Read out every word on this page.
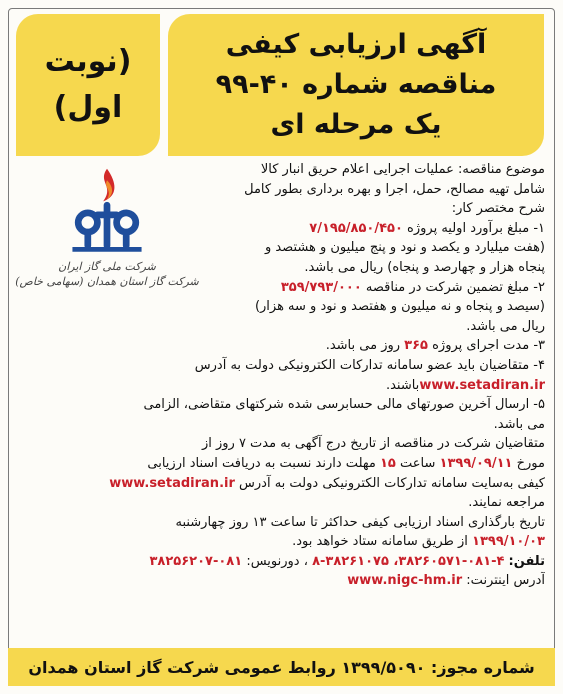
آگهی ارزیابی کیفی
مناقصه شماره ۴۰-۹۹
یک مرحله ای
(نوبت
اول)
شرکت ملی گاز ایران
شرکت گاز استان همدان (سهامی خاص)
موضوع مناقصه: عملیات اجرایی اعلام حریق انبار کالا
شامل تهیه مصالح، حمل، اجرا و بهره برداری بطور کامل
شرح مختصر کار:
۱- مبلغ برآورد اولیه پروژه ۷/۱۹۵/۸۵۰/۴۵۰
(هفت میلیارد و یکصد و نود و پنج میلیون و هشتصد و
پنجاه هزار و چهارصد و پنجاه) ریال می باشد.
۲- مبلغ تضمین شرکت در مناقصه ۳۵۹/۷۹۳/۰۰۰
(سیصد و پنجاه و نه میلیون و هفتصد و نود و سه هزار)
ریال می باشد.
۳- مدت اجرای پروژه ۳۶۵ روز می باشد.
۴- متقاضیان باید عضو سامانه تدارکات الکترونیکی دولت به آدرس
www.setadiran.irباشند.
۵- ارسال آخرین صورتهای مالی حسابرسی شده شرکتهای متقاضی، الزامی
می باشد.
متقاضیان شرکت در مناقصه از تاریخ درج آگهی به مدت ۷ روز از
مورخ ۱۳۹۹/۰۹/۱۱ ساعت ۱۵ مهلت دارند نسبت به دریافت اسناد ارزیابی
کیفی به‌سایت سامانه تدارکات الکترونیکی دولت به آدرس www.setadiran.ir
مراجعه نمایند.
تاریخ بارگذاری اسناد ارزیابی کیفی حداکثر تا ساعت ۱۳ روز چهارشنبه
۱۳۹۹/۱۰/۰۳ از طریق سامانه ستاد خواهد بود.
تلفن: ۴-۰۸۱-۳۸۲۶۰۵۷۱، ۳۸۲۶۱۰۷۵-۸ ، دورنویس: ۰۸۱-۳۸۲۵۶۲۰۷
آدرس اینترنت: www.nigc-hm.ir
شماره مجوز: ۱۳۹۹/۵۰۹۰ روابط عمومی شرکت گاز استان همدان
